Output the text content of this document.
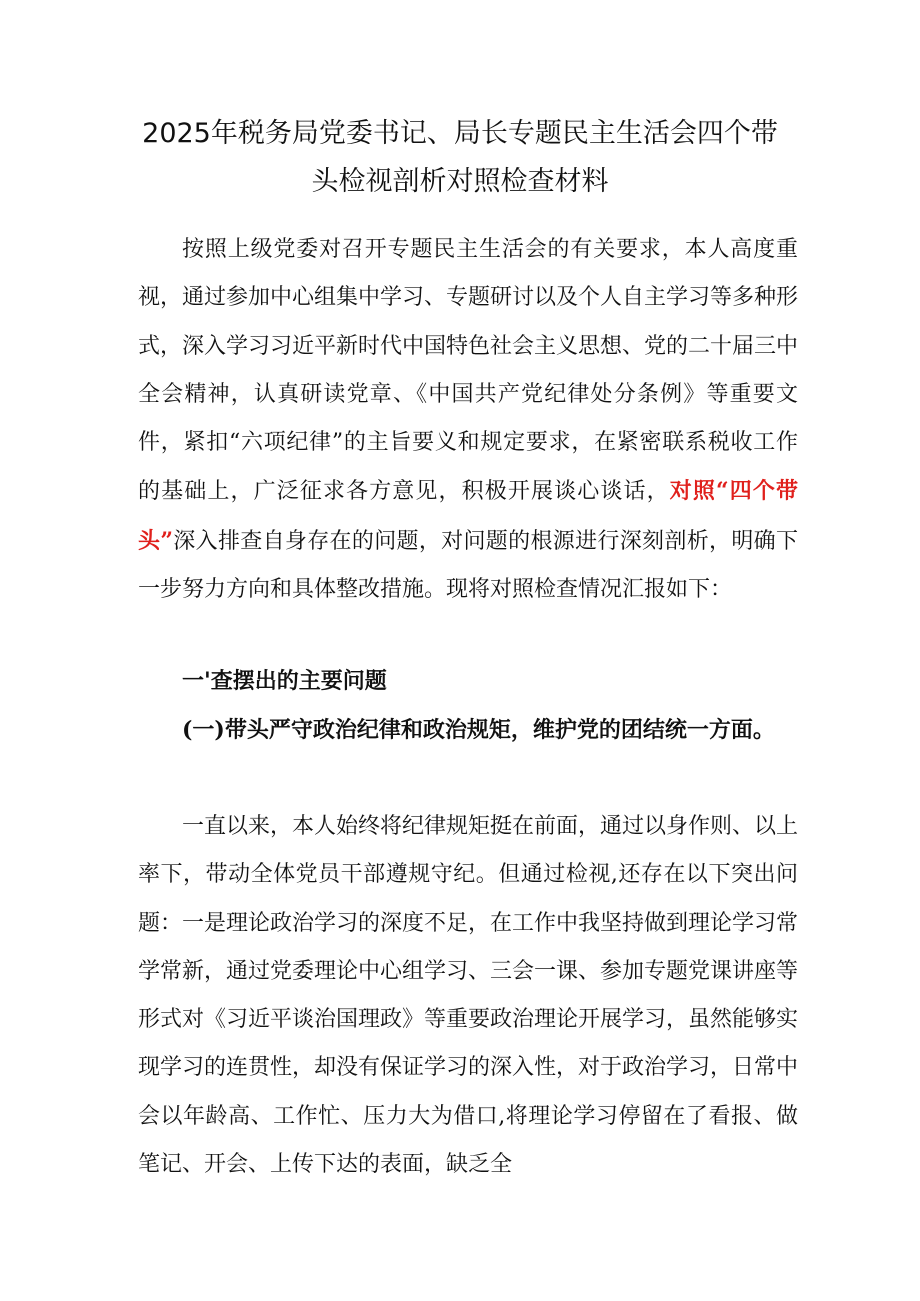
2025年税务局党委书记、局长专题民主生活会四个带
头检视剖析对照检查材料
按照上级党委对召开专题民主生活会的有关要求，本人高度重视，通过参加中心组集中学习、专题研讨以及个人自主学习等多种形式，深入学习习近平新时代中国特色社会主义思想、党的二十届三中全会精神，认真研读党章、《中国共产党纪律处分条例》等重要文件，紧扣“六项纪律”的主旨要义和规定要求，在紧密联系税收工作的基础上，广泛征求各方意见，积极开展谈心谈话，对照“四个带头”深入排查自身存在的问题，对问题的根源进行深刻剖析，明确下一步努力方向和具体整改措施。现将对照检查情况汇报如下：
一'查摆出的主要问题
(一)带头严守政治纪律和政治规矩，维护党的团结统一方面。
一直以来，本人始终将纪律规矩挺在前面，通过以身作则、以上率下，带动全体党员干部遵规守纪。但通过检视,还存在以下突出问题：一是理论政治学习的深度不足，在工作中我坚持做到理论学习常学常新，通过党委理论中心组学习、三会一课、参加专题党课讲座等形式对《习近平谈治国理政》等重要政治理论开展学习，虽然能够实现学习的连贯性，却没有保证学习的深入性，对于政治学习，日常中会以年龄高、工作忙、压力大为借口,将理论学习停留在了看报、做笔记、开会、上传下达的表面，缺乏全
